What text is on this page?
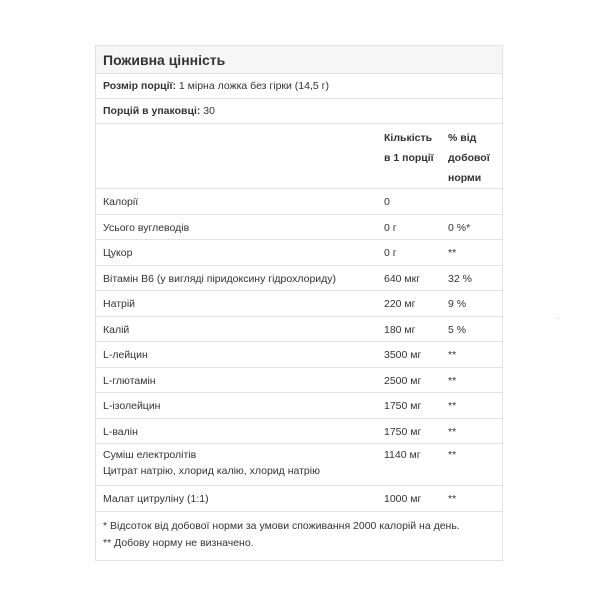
Поживна цінність
Розмір порції: 1 мірна ложка без гірки (14,5 г)
Порцій в упаковці: 30
	Кількість в 1 порції	% від добової норми
Калорії	0	
Усього вуглеводів	0 г	0 %*
Цукор	0 г	**
Вітамін B6 (у вигляді піридоксину гідрохлориду)	640 мкг	32 %
Натрій	220 мг	9 %
Калій	180 мг	5 %
L-лейцин	3500 мг	**
L-глютамін	2500 мг	**
L-ізолейцин	1750 мг	**
L-валін	1750 мг	**

Суміш електролітів
Цитрат натрію, хлорид калію, хлорид натрію	1140 мг	**
Малат цитруліну (1:1)	1000 мг	**
* Відсоток від добової норми за умови споживання 2000 калорій на день.
** Добову норму не визначено.
